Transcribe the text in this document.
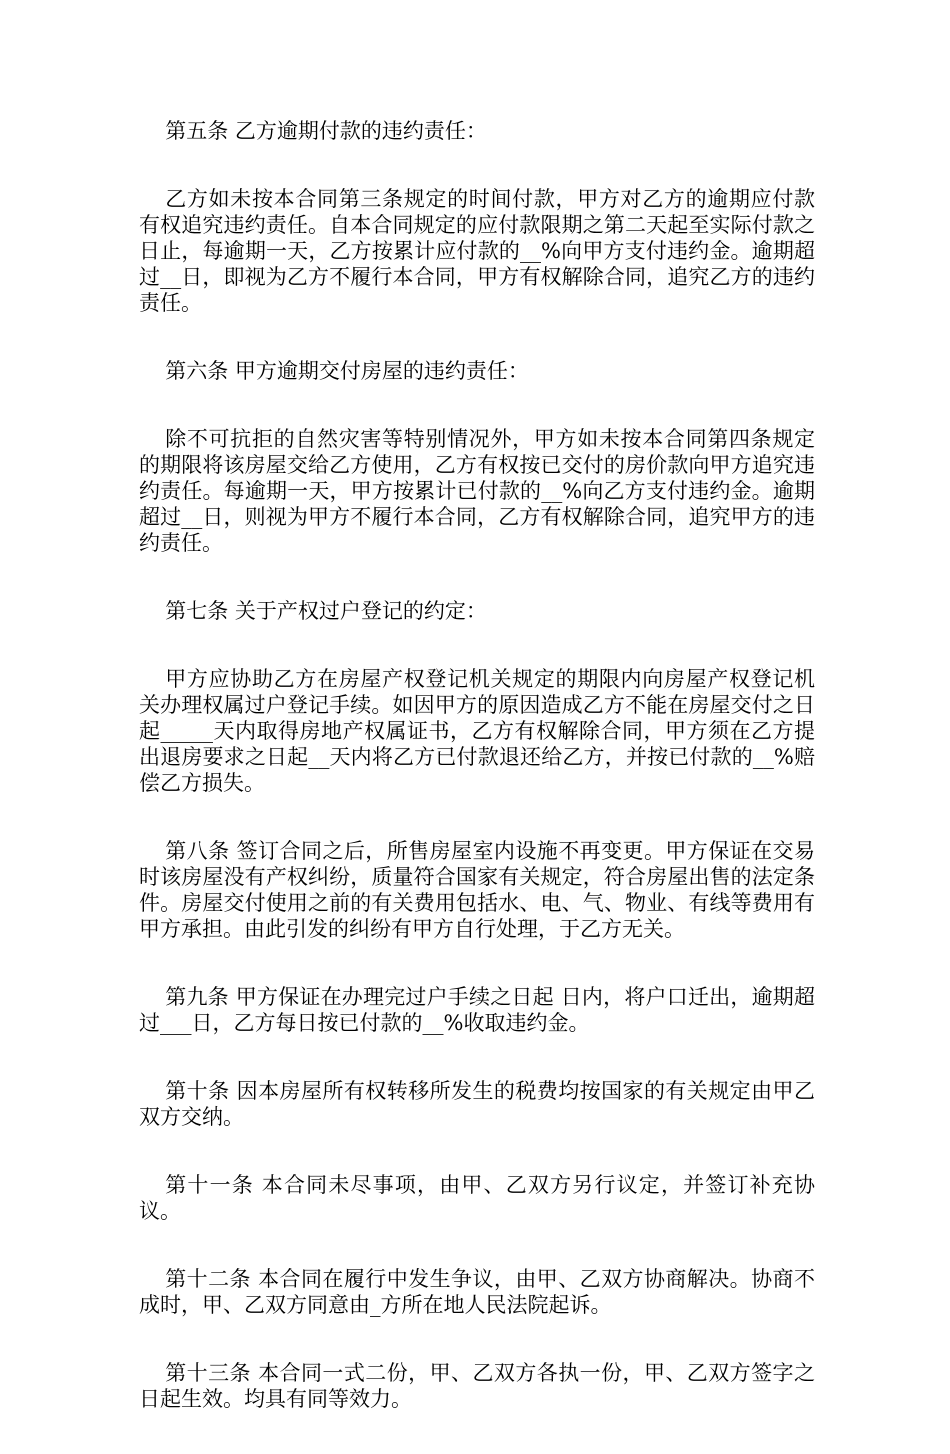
第五条 乙方逾期付款的违约责任：

乙方如未按本合同第三条规定的时间付款，甲方对乙方的逾期应付款有权追究违约责任。自本合同规定的应付款限期之第二天起至实际付款之日止，每逾期一天，乙方按累计应付款的__%向甲方支付违约金。逾期超过__日，即视为乙方不履行本合同，甲方有权解除合同，追究乙方的违约责任。

第六条 甲方逾期交付房屋的违约责任：

除不可抗拒的自然灾害等特别情况外，甲方如未按本合同第四条规定的期限将该房屋交给乙方使用，乙方有权按已交付的房价款向甲方追究违约责任。每逾期一天，甲方按累计已付款的__%向乙方支付违约金。逾期超过__日，则视为甲方不履行本合同，乙方有权解除合同，追究甲方的违约责任。

第七条 关于产权过户登记的约定：

甲方应协助乙方在房屋产权登记机关规定的期限内向房屋产权登记机关办理权属过户登记手续。如因甲方的原因造成乙方不能在房屋交付之日起_____天内取得房地产权属证书，乙方有权解除合同，甲方须在乙方提出退房要求之日起__天内将乙方已付款退还给乙方，并按已付款的__%赔偿乙方损失。

第八条 签订合同之后，所售房屋室内设施不再变更。甲方保证在交易时该房屋没有产权纠纷，质量符合国家有关规定，符合房屋出售的法定条件。房屋交付使用之前的有关费用包括水、电、气、物业、有线等费用有甲方承担。由此引发的纠纷有甲方自行处理，于乙方无关。

第九条 甲方保证在办理完过户手续之日起 日内，将户口迁出，逾期超过___日，乙方每日按已付款的__%收取违约金。

第十条 因本房屋所有权转移所发生的税费均按国家的有关规定由甲乙双方交纳。

第十一条 本合同未尽事项，由甲、乙双方另行议定，并签订补充协议。

第十二条 本合同在履行中发生争议，由甲、乙双方协商解决。协商不成时，甲、乙双方同意由_方所在地人民法院起诉。

第十三条 本合同一式二份，甲、乙双方各执一份，甲、乙双方签字之日起生效。均具有同等效力。
